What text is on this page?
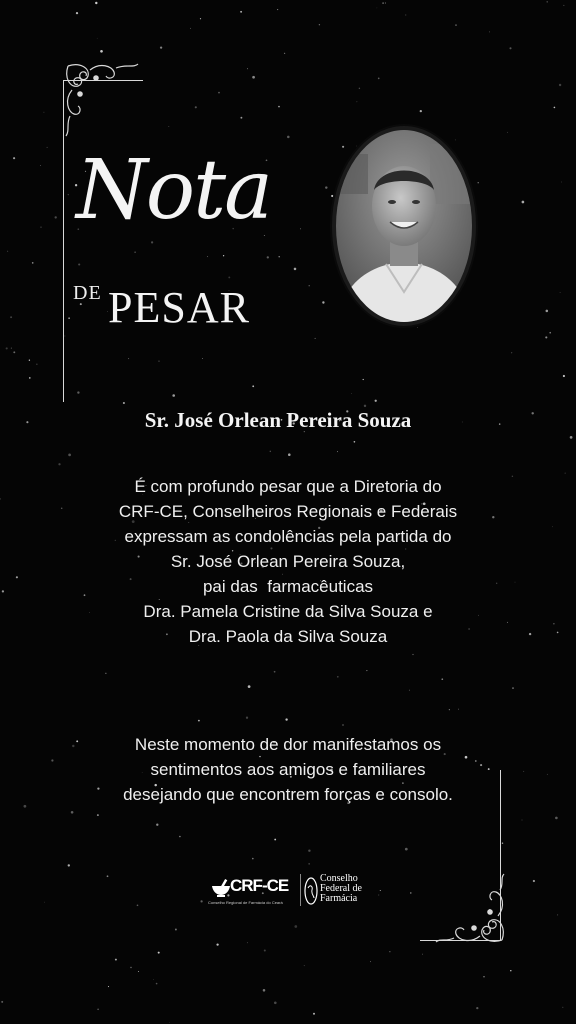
Nota
DE PESAR
Sr. José Orlean Pereira Souza
É com profundo pesar que a Diretoria do
CRF-CE, Conselheiros Regionais e Federais
expressam as condolências pela partida do
Sr. José Orlean Pereira Souza,
pai das  farmacêuticas
Dra. Pamela Cristine da Silva Souza e
Dra. Paola da Silva Souza
Neste momento de dor manifestamos os
sentimentos aos amigos e familiares
desejando que encontrem forças e consolo.
CRF-CE
Conselho Regional de Farmácia do Ceará
Conselho
Federal de
Farmácia
